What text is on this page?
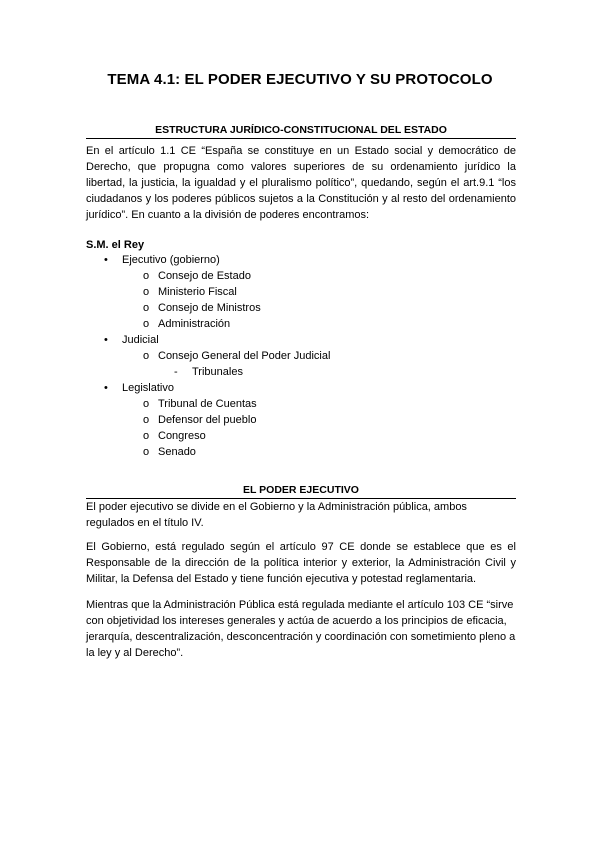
TEMA 4.1: EL PODER EJECUTIVO Y SU PROTOCOLO
ESTRUCTURA JURÍDICO-CONSTITUCIONAL DEL ESTADO

En el artículo 1.1 CE “España se constituye en un Estado social y democrático de Derecho, que propugna como valores superiores de su ordenamiento jurídico la libertad, la justicia, la igualdad y el pluralismo político”, quedando, según el art.9.1 “los ciudadanos y los poderes públicos sujetos a la Constitución y al resto del ordenamiento jurídico”. En cuanto a la división de poderes encontramos:

S.M. el Rey
• Ejecutivo (gobierno)
o Consejo de Estado
o Ministerio Fiscal
o Consejo de Ministros
o Administración
• Judicial
o Consejo General del Poder Judicial
- Tribunales
• Legislativo
o Tribunal de Cuentas
o Defensor del pueblo
o Congreso
o Senado
EL PODER EJECUTIVO

El poder ejecutivo se divide en el Gobierno y la Administración pública, ambos regulados en el título IV.

El Gobierno, está regulado según el artículo 97 CE donde se establece que es el Responsable de la dirección de la política interior y exterior, la Administración Civil y Militar, la Defensa del Estado y tiene función ejecutiva y potestad reglamentaria.

Mientras que la Administración Pública está regulada mediante el artículo 103 CE “sirve con objetividad los intereses generales y actúa de acuerdo a los principios de eficacia, jerarquía, descentralización, desconcentración y coordinación con sometimiento pleno a la ley y al Derecho”.
